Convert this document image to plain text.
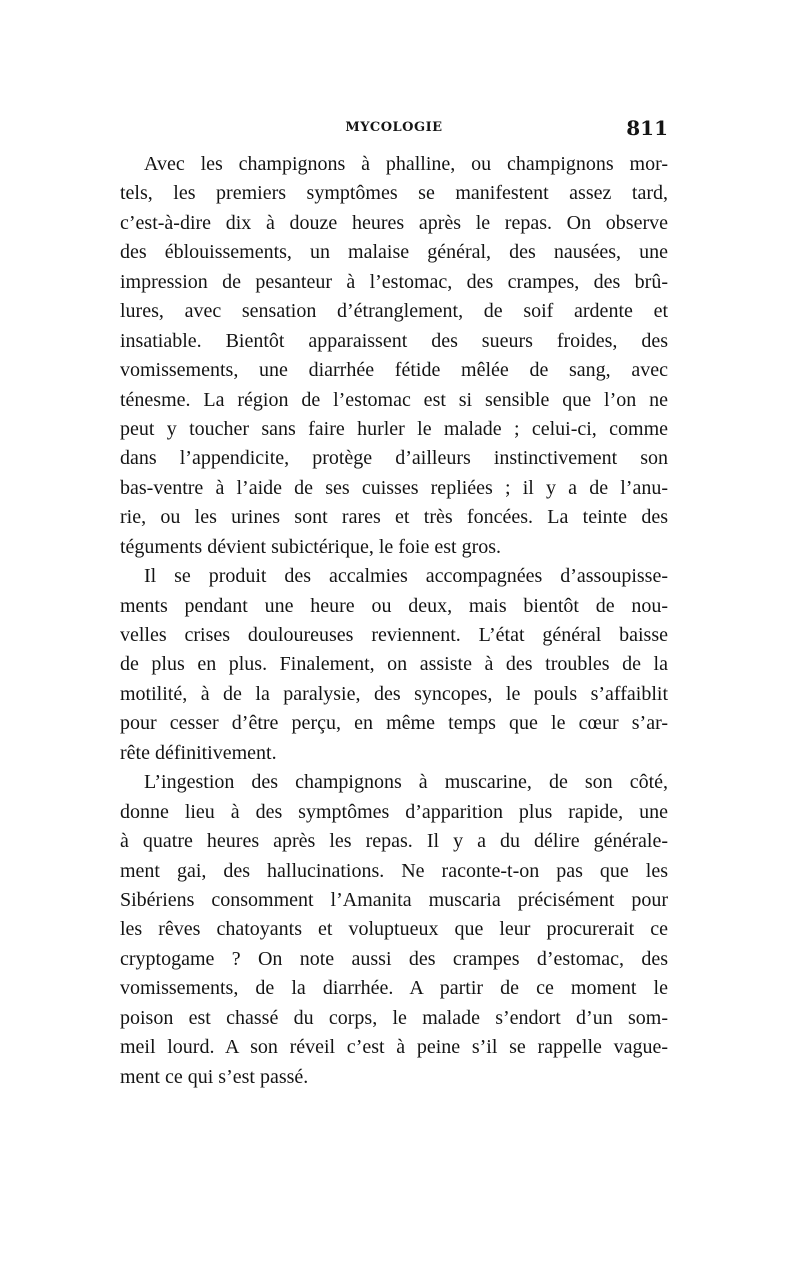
MYCOLOGIE	811
Avec les champignons à phalline, ou champignons mor-
tels, les premiers symptômes se manifestent assez tard,
c’est-à-dire dix à douze heures après le repas. On observe
des éblouissements, un malaise général, des nausées, une
impression de pesanteur à l’estomac, des crampes, des brû-
lures, avec sensation d’étranglement, de soif ardente et
insatiable. Bientôt apparaissent des sueurs froides, des
vomissements, une diarrhée fétide mêlée de sang, avec
ténesme. La région de l’estomac est si sensible que l’on ne
peut y toucher sans faire hurler le malade ; celui-ci, comme
dans l’appendicite, protège d’ailleurs instinctivement son
bas-ventre à l’aide de ses cuisses repliées ; il y a de l’anu-
rie, ou les urines sont rares et très foncées. La teinte des
téguments dévient subictérique, le foie est gros.
Il se produit des accalmies accompagnées d’assoupisse-
ments pendant une heure ou deux, mais bientôt de nou-
velles crises douloureuses reviennent. L’état général baisse
de plus en plus. Finalement, on assiste à des troubles de la
motilité, à de la paralysie, des syncopes, le pouls s’affaiblit
pour cesser d’être perçu, en même temps que le cœur s’ar-
rête définitivement.
L’ingestion des champignons à muscarine, de son côté,
donne lieu à des symptômes d’apparition plus rapide, une
à quatre heures après les repas. Il y a du délire générale-
ment gai, des hallucinations. Ne raconte-t-on pas que les
Sibériens consomment l’Amanita muscaria précisément pour
les rêves chatoyants et voluptueux que leur procurerait ce
cryptogame ? On note aussi des crampes d’estomac, des
vomissements, de la diarrhée. A partir de ce moment le
poison est chassé du corps, le malade s’endort d’un som-
meil lourd. A son réveil c’est à peine s’il se rappelle vague-
ment ce qui s’est passé.
